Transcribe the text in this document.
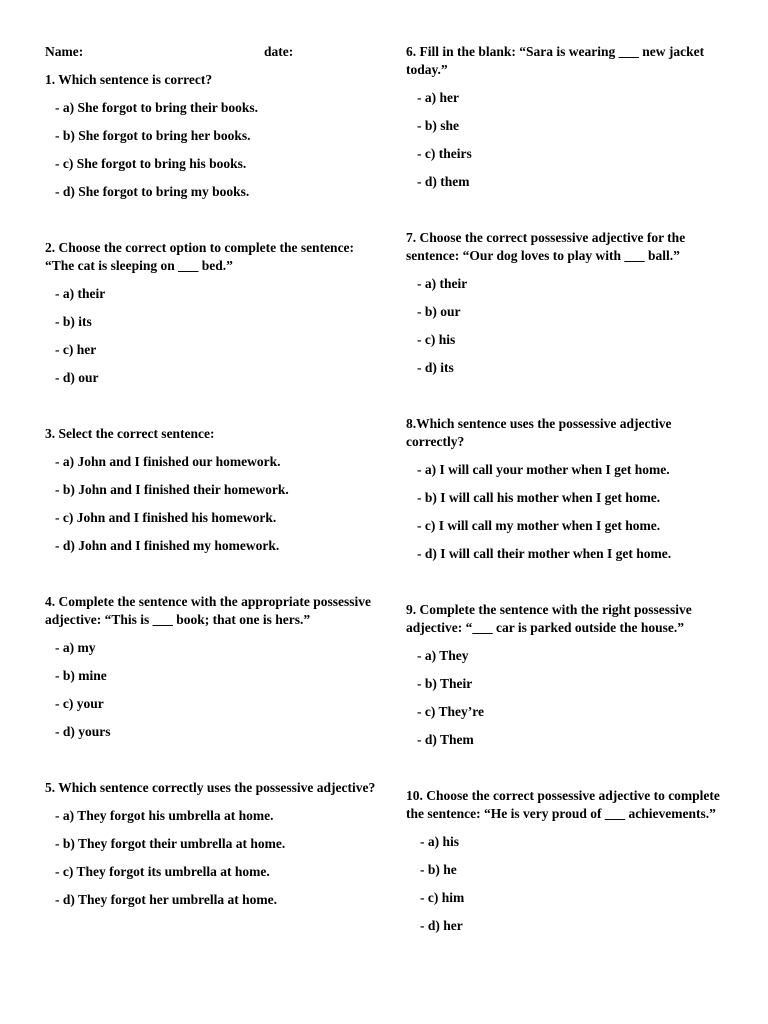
Name:	date:
1. Which sentence is correct?
- a) She forgot to bring their books.
- b) She forgot to bring her books.
- c) She forgot to bring his books.
- d) She forgot to bring my books.
2. Choose the correct option to complete the sentence: “The cat is sleeping on ___ bed.”
- a) their
- b) its
- c) her
- d) our
3. Select the correct sentence:
- a) John and I finished our homework.
- b) John and I finished their homework.
- c) John and I finished his homework.
- d) John and I finished my homework.
4. Complete the sentence with the appropriate possessive adjective: “This is ___ book; that one is hers.”
- a) my
- b) mine
- c) your
- d) yours
5. Which sentence correctly uses the possessive adjective?
- a) They forgot his umbrella at home.
- b) They forgot their umbrella at home.
- c) They forgot its umbrella at home.
- d) They forgot her umbrella at home.
6. Fill in the blank: “Sara is wearing ___ new jacket today.”
- a) her
- b) she
- c) theirs
- d) them
7. Choose the correct possessive adjective for the sentence: “Our dog loves to play with ___ ball.”
- a) their
- b) our
- c) his
- d) its
8.Which sentence uses the possessive adjective correctly?
- a) I will call your mother when I get home.
- b) I will call his mother when I get home.
- c) I will call my mother when I get home.
- d) I will call their mother when I get home.
9. Complete the sentence with the right possessive adjective: “___ car is parked outside the house.”
- a) They
- b) Their
- c) They’re
- d) Them
10. Choose the correct possessive adjective to complete the sentence: “He is very proud of ___ achievements.”
- a) his
- b) he
- c) him
- d) her
